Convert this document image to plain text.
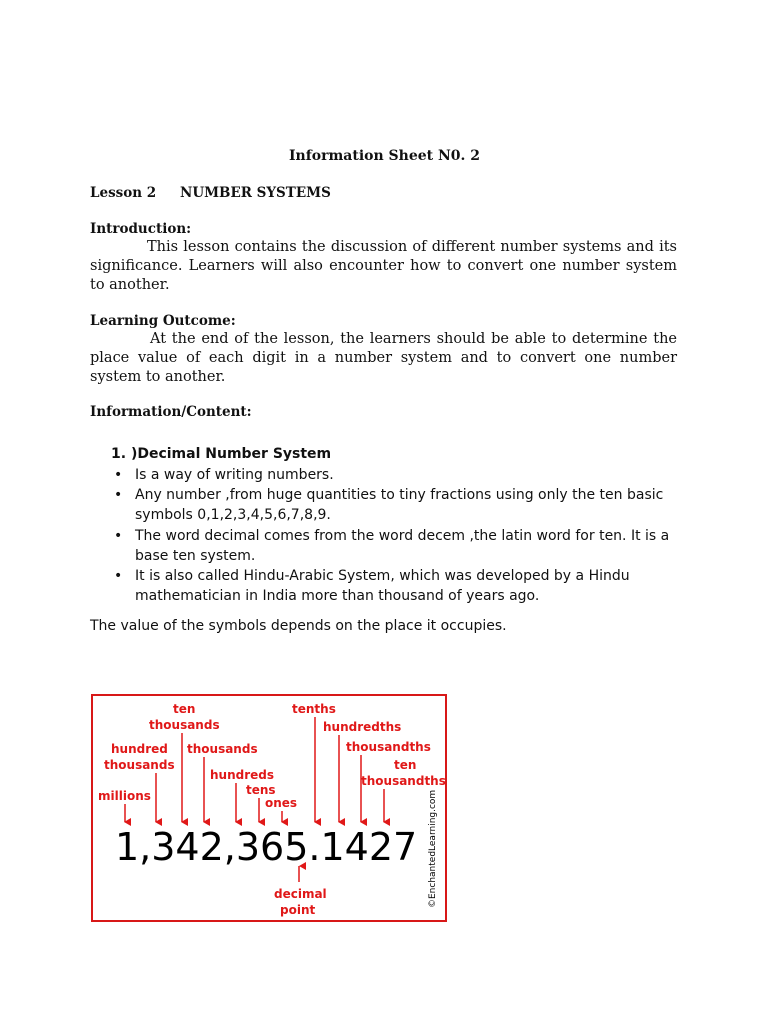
Information Sheet N0. 2
Lesson 2 NUMBER SYSTEMS
Introduction:
This lesson contains the discussion of different number systems and its significance. Learners will also encounter how to convert one number system to another.
Learning Outcome:
At the end of the lesson, the learners should be able to determine the place value of each digit in a number system and to convert one number system to another.
Information/Content:
1. )Decimal Number System
• Is a way of writing numbers.
• Any number ,from huge quantities to tiny fractions using only the ten basic symbols 0,1,2,3,4,5,6,7,8,9.
• The word decimal comes from the word decem ,the latin word for ten. It is a base ten system.
• It is also called Hindu-Arabic System, which was developed by a Hindu mathematician in India more than thousand of years ago.
The value of the symbols depends on the place it occupies.
millions
hundred
thousands
ten
thousands
thousands
hundreds
tens
ones
tenths
hundredths
thousandths
ten
thousandths
decimal
point
1,342,365.1427 ©EnchantedLearning.com
